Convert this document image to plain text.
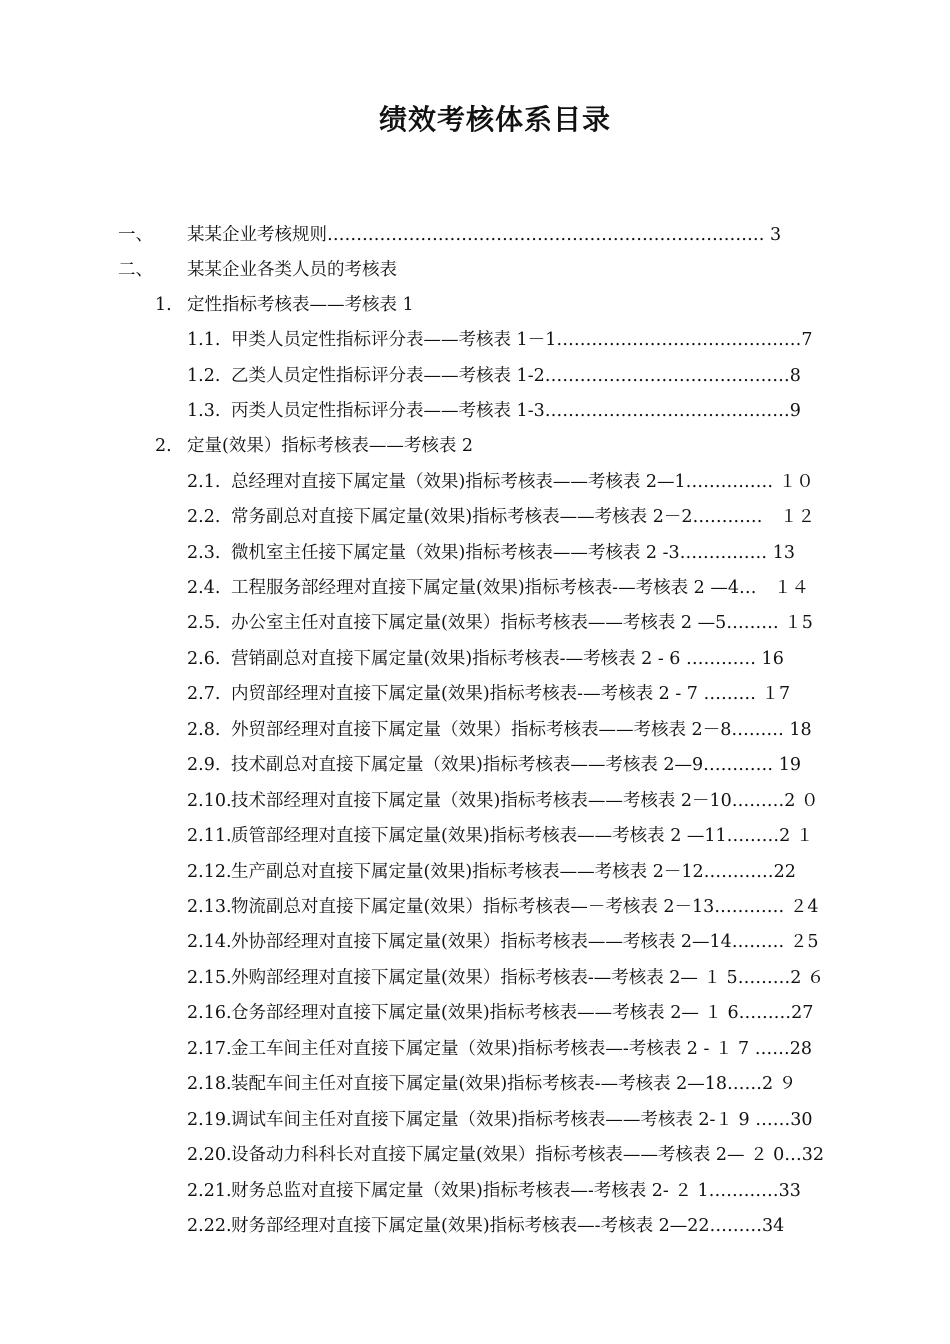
绩效考核体系目录
一、 某某企业考核规则………………………………………………………………… 3
二、 某某企业各类人员的考核表
1. 定性指标考核表——考核表 1
1.1. 甲类人员定性指标评分表——考核表 1－1……………………………………7
1.2. 乙类人员定性指标评分表——考核表 1-2……………………………………8
1.3. 丙类人员定性指标评分表——考核表 1-3……………………………………9
2. 定量(效果）指标考核表——考核表 2
2.1. 总经理对直接下属定量（效果)指标考核表——考核表 2—1…………… １０
2.2. 常务副总对直接下属定量(效果)指标考核表——考核表 2－2…………　１２
2.3. 微机室主任接下属定量（效果)指标考核表——考核表 2 -3…………… 13
2.4. 工程服务部经理对直接下属定量(效果)指标考核表-—考核表 2 —4…　１４
2.5. 办公室主任对直接下属定量(效果）指标考核表——考核表 2 —5……… １5
2.6. 营销副总对直接下属定量(效果)指标考核表-—考核表 2 - 6 ………… 16
2.7. 内贸部经理对直接下属定量(效果)指标考核表-—考核表 2 - 7 ……… １7
2.8. 外贸部经理对直接下属定量（效果）指标考核表——考核表 2－8……… 18
2.9. 技术副总对直接下属定量（效果)指标考核表——考核表 2—9………… 19
2.10. 技术部经理对直接下属定量（效果)指标考核表——考核表 2－10………2 ０
2.11. 质管部经理对直接下属定量(效果)指标考核表——考核表 2 —11………2 １
2.12. 生产副总对直接下属定量(效果)指标考核表——考核表 2－12…………22
2.13. 物流副总对直接下属定量(效果）指标考核表—－考核表 2－13………… ２4
2.14. 外协部经理对直接下属定量(效果）指标考核表——考核表 2—14……… ２5
2.15. 外购部经理对直接下属定量(效果）指标考核表-—考核表 2— １ 5………2 ６
2.16. 仓务部经理对直接下属定量(效果)指标考核表——考核表 2— １ 6………27
2.17. 金工车间主任对直接下属定量（效果)指标考核表—-考核表 2 - １ 7 ……28
2.18. 装配车间主任对直接下属定量(效果)指标考核表-—考核表 2—18……2 ９
2.19. 调试车间主任对直接下属定量（效果)指标考核表——考核表 2-１ 9 ……30
2.20. 设备动力科科长对直接下属定量(效果）指标考核表——考核表 2— ２ 0…32
2.21. 财务总监对直接下属定量（效果)指标考核表—-考核表 2- ２ 1…………33
2.22. 财务部经理对直接下属定量(效果)指标考核表—-考核表 2—22………34
